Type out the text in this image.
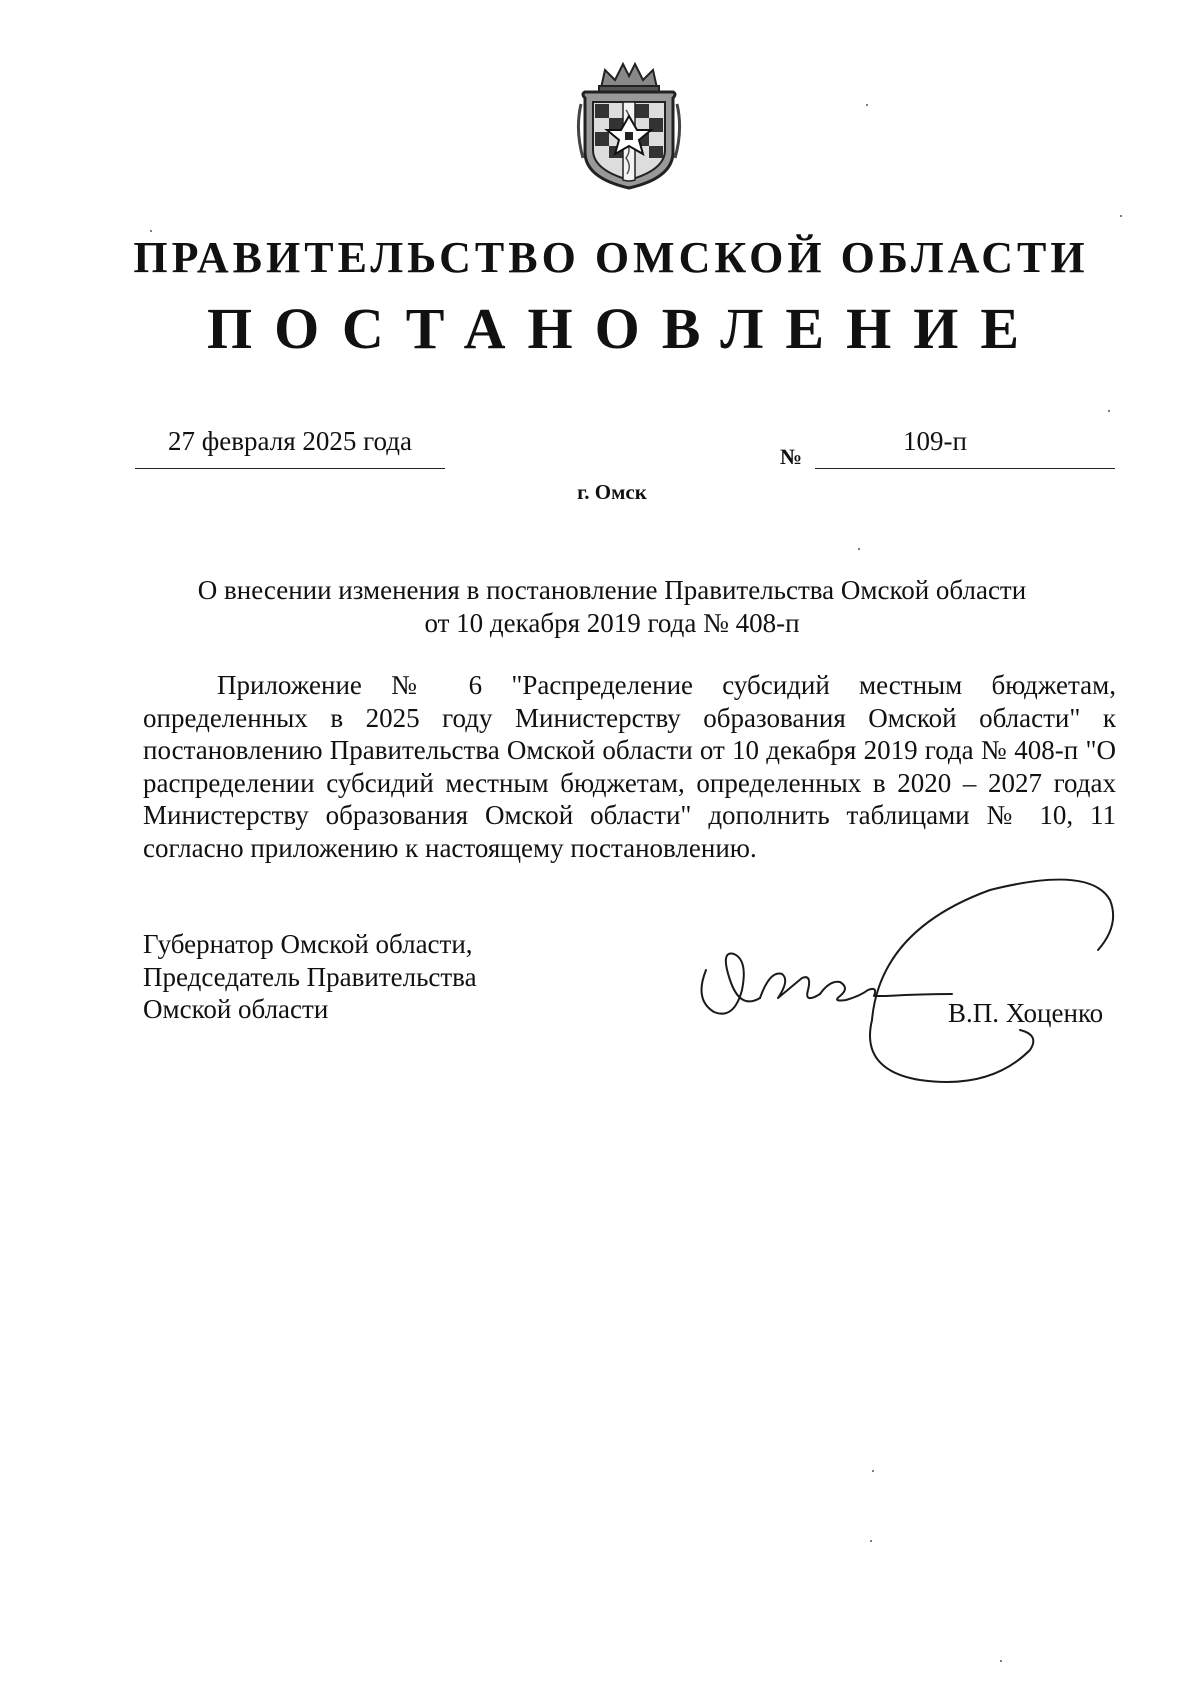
ПРАВИТЕЛЬСТВО ОМСКОЙ ОБЛАСТИ
ПОСТАНОВЛЕНИЕ
27 февраля 2025 года
№
109-п
г. Омск
О внесении изменения в постановление Правительства Омской области
от 10 декабря 2019 года № 408-п

Приложение № 6 "Распределение субсидий местным бюджетам, определенных в 2025 году Министерству образования Омской области" к постановлению Правительства Омской области от 10 декабря 2019 года № 408-п "О распределении субсидий местным бюджетам, определенных в 2020 – 2027 годах Министерству образования Омской области" дополнить таблицами № 10, 11 согласно приложению к настоящему постановлению.

Губернатор Омской области,
Председатель Правительства
Омской области	В.П. Хоценко
